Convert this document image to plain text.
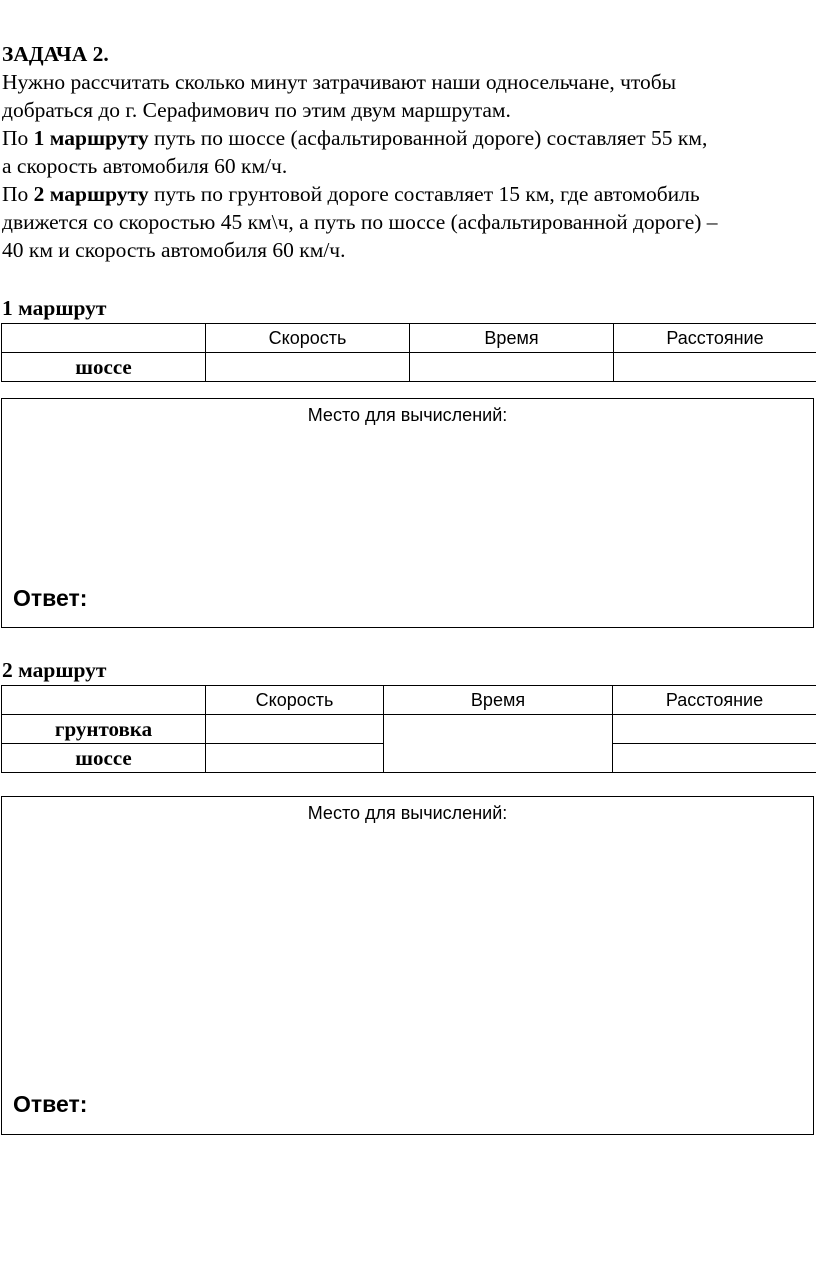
ЗАДАЧА 2.
Нужно рассчитать сколько минут затрачивают наши односельчане, чтобы
добраться до г. Серафимович по этим двум маршрутам.
По 1 маршруту путь по шоссе (асфальтированной дороге) составляет 55 км,
а скорость автомобиля 60 км/ч.
По 2 маршруту путь по грунтовой дороге составляет 15 км, где автомобиль
движется со скоростью 45 км\ч, а путь по шоссе (асфальтированной дороге) –
40 км и скорость автомобиля 60 км/ч.
1 маршрут
	Скорость	Время	Расстояние
шоссе			
Место для вычислений:
Ответ:
2 маршрут
	Скорость	Время	Расстояние
грунтовка			
шоссе			
Место для вычислений:
Ответ:
